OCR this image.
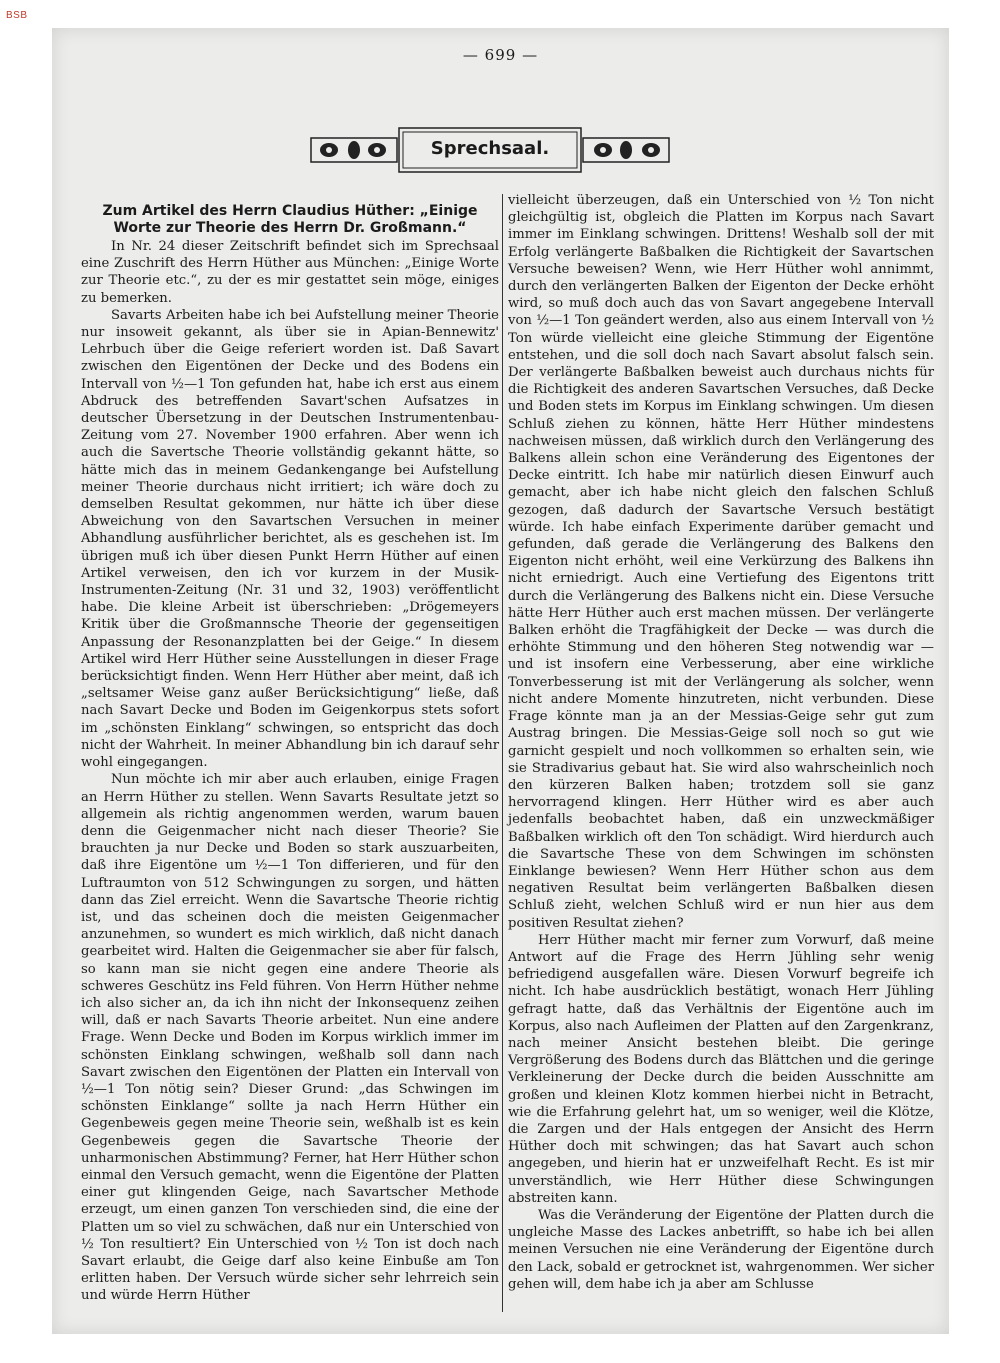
BSB
— 699 —
Sprechsaal.
Zum Artikel des Herrn Claudius Hüther: „Einige Worte zur Theorie des Herrn Dr. Großmann.“

In Nr. 24 dieser Zeitschrift befindet sich im Sprechsaal eine Zuschrift des Herrn Hüther aus München: „Einige Worte zur Theorie etc.“, zu der es mir gestattet sein möge, einiges zu bemerken.

Savarts Arbeiten habe ich bei Aufstellung meiner Theorie nur insoweit gekannt, als über sie in Apian-Bennewitz' Lehrbuch über die Geige referiert worden ist. Daß Savart zwischen den Eigentönen der Decke und des Bodens ein Intervall von ½—1 Ton gefunden hat, habe ich erst aus einem Abdruck des betreffenden Savart'schen Aufsatzes in deutscher Übersetzung in der Deutschen Instrumentenbau-Zeitung vom 27. November 1900 erfahren. Aber wenn ich auch die Savertsche Theorie vollständig gekannt hätte, so hätte mich das in meinem Gedankengange bei Aufstellung meiner Theorie durchaus nicht irritiert; ich wäre doch zu demselben Resultat gekommen, nur hätte ich über diese Abweichung von den Savartschen Versuchen in meiner Abhandlung ausführlicher berichtet, als es geschehen ist. Im übrigen muß ich über diesen Punkt Herrn Hüther auf einen Artikel verweisen, den ich vor kurzem in der Musik-Instrumenten-Zeitung (Nr. 31 und 32, 1903) veröffentlicht habe. Die kleine Arbeit ist überschrieben: „Drögemeyers Kritik über die Großmannsche Theorie der gegenseitigen Anpassung der Resonanzplatten bei der Geige.“ In diesem Artikel wird Herr Hüther seine Ausstellungen in dieser Frage berücksichtigt finden. Wenn Herr Hüther aber meint, daß ich „seltsamer Weise ganz außer Berücksichtigung“ ließe, daß nach Savart Decke und Boden im Geigenkorpus stets sofort im „schönsten Einklang“ schwingen, so entspricht das doch nicht der Wahrheit. In meiner Abhandlung bin ich darauf sehr wohl eingegangen.

Nun möchte ich mir aber auch erlauben, einige Fragen an Herrn Hüther zu stellen. Wenn Savarts Resultate jetzt so allgemein als richtig angenommen werden, warum bauen denn die Geigenmacher nicht nach dieser Theorie? Sie brauchten ja nur Decke und Boden so stark auszuarbeiten, daß ihre Eigentöne um ½—1 Ton differieren, und für den Luftraumton von 512 Schwingungen zu sorgen, und hätten dann das Ziel erreicht. Wenn die Savartsche Theorie richtig ist, und das scheinen doch die meisten Geigenmacher anzunehmen, so wundert es mich wirklich, daß nicht danach gearbeitet wird. Halten die Geigenmacher sie aber für falsch, so kann man sie nicht gegen eine andere Theorie als schweres Geschütz ins Feld führen. Von Herrn Hüther nehme ich also sicher an, da ich ihn nicht der Inkonsequenz zeihen will, daß er nach Savarts Theorie arbeitet. Nun eine andere Frage. Wenn Decke und Boden im Korpus wirklich immer im schönsten Einklang schwingen, weßhalb soll dann nach Savart zwischen den Eigentönen der Platten ein Intervall von ½—1 Ton nötig sein? Dieser Grund: „das Schwingen im schönsten Einklange“ sollte ja nach Herrn Hüther ein Gegenbeweis gegen meine Theorie sein, weßhalb ist es kein Gegenbeweis gegen die Savartsche Theorie der unharmonischen Abstimmung? Ferner, hat Herr Hüther schon einmal den Versuch gemacht, wenn die Eigentöne der Platten einer gut klingenden Geige, nach Savartscher Methode erzeugt, um einen ganzen Ton verschieden sind, die eine der Platten um so viel zu schwächen, daß nur ein Unterschied von ½ Ton resultiert? Ein Unterschied von ½ Ton ist doch nach Savart erlaubt, die Geige darf also keine Einbuße am Ton erlitten haben. Der Versuch würde sicher sehr lehrreich sein und würde Herrn Hüther

vielleicht überzeugen, daß ein Unterschied von ½ Ton nicht gleichgültig ist, obgleich die Platten im Korpus nach Savart immer im Einklang schwingen. Drittens! Weshalb soll der mit Erfolg verlängerte Baßbalken die Richtigkeit der Savartschen Versuche beweisen? Wenn, wie Herr Hüther wohl annimmt, durch den verlängerten Balken der Eigenton der Decke erhöht wird, so muß doch auch das von Savart angegebene Intervall von ½—1 Ton geändert werden, also aus einem Intervall von ½ Ton würde vielleicht eine gleiche Stimmung der Eigentöne entstehen, und die soll doch nach Savart absolut falsch sein. Der verlängerte Baßbalken beweist auch durchaus nichts für die Richtigkeit des anderen Savartschen Versuches, daß Decke und Boden stets im Korpus im Einklang schwingen. Um diesen Schluß ziehen zu können, hätte Herr Hüther mindestens nachweisen müssen, daß wirklich durch den Verlängerung des Balkens allein schon eine Veränderung des Eigentones der Decke eintritt. Ich habe mir natürlich diesen Einwurf auch gemacht, aber ich habe nicht gleich den falschen Schluß gezogen, daß dadurch der Savartsche Versuch bestätigt würde. Ich habe einfach Experimente darüber gemacht und gefunden, daß gerade die Verlängerung des Balkens den Eigenton nicht erhöht, weil eine Verkürzung des Balkens ihn nicht erniedrigt. Auch eine Vertiefung des Eigentons tritt durch die Verlängerung des Balkens nicht ein. Diese Versuche hätte Herr Hüther auch erst machen müssen. Der verlängerte Balken erhöht die Tragfähigkeit der Decke — was durch die erhöhte Stimmung und den höheren Steg notwendig war — und ist insofern eine Verbesserung, aber eine wirkliche Tonverbesserung ist mit der Verlängerung als solcher, wenn nicht andere Momente hinzutreten, nicht verbunden. Diese Frage könnte man ja an der Messias-Geige sehr gut zum Austrag bringen. Die Messias-Geige soll noch so gut wie garnicht gespielt und noch vollkommen so erhalten sein, wie sie Stradivarius gebaut hat. Sie wird also wahrscheinlich noch den kürzeren Balken haben; trotzdem soll sie ganz hervorragend klingen. Herr Hüther wird es aber auch jedenfalls beobachtet haben, daß ein unzweckmäßiger Baßbalken wirklich oft den Ton schädigt. Wird hierdurch auch die Savartsche These von dem Schwingen im schönsten Einklange bewiesen? Wenn Herr Hüther schon aus dem negativen Resultat beim verlängerten Baßbalken diesen Schluß zieht, welchen Schluß wird er nun hier aus dem positiven Resultat ziehen?

Herr Hüther macht mir ferner zum Vorwurf, daß meine Antwort auf die Frage des Herrn Jühling sehr wenig befriedigend ausgefallen wäre. Diesen Vorwurf begreife ich nicht. Ich habe ausdrücklich bestätigt, wonach Herr Jühling gefragt hatte, daß das Verhältnis der Eigentöne auch im Korpus, also nach Aufleimen der Platten auf den Zargenkranz, nach meiner Ansicht bestehen bleibt. Die geringe Vergrößerung des Bodens durch das Blättchen und die geringe Verkleinerung der Decke durch die beiden Ausschnitte am großen und kleinen Klotz kommen hierbei nicht in Betracht, wie die Erfahrung gelehrt hat, um so weniger, weil die Klötze, die Zargen und der Hals entgegen der Ansicht des Herrn Hüther doch mit schwingen; das hat Savart auch schon angegeben, und hierin hat er unzweifelhaft Recht. Es ist mir unverständlich, wie Herr Hüther diese Schwingungen abstreiten kann.

Was die Veränderung der Eigentöne der Platten durch die ungleiche Masse des Lackes anbetrifft, so habe ich bei allen meinen Versuchen nie eine Veränderung der Eigentöne durch den Lack, sobald er getrocknet ist, wahrgenommen. Wer sicher gehen will, dem habe ich ja aber am Schlusse
